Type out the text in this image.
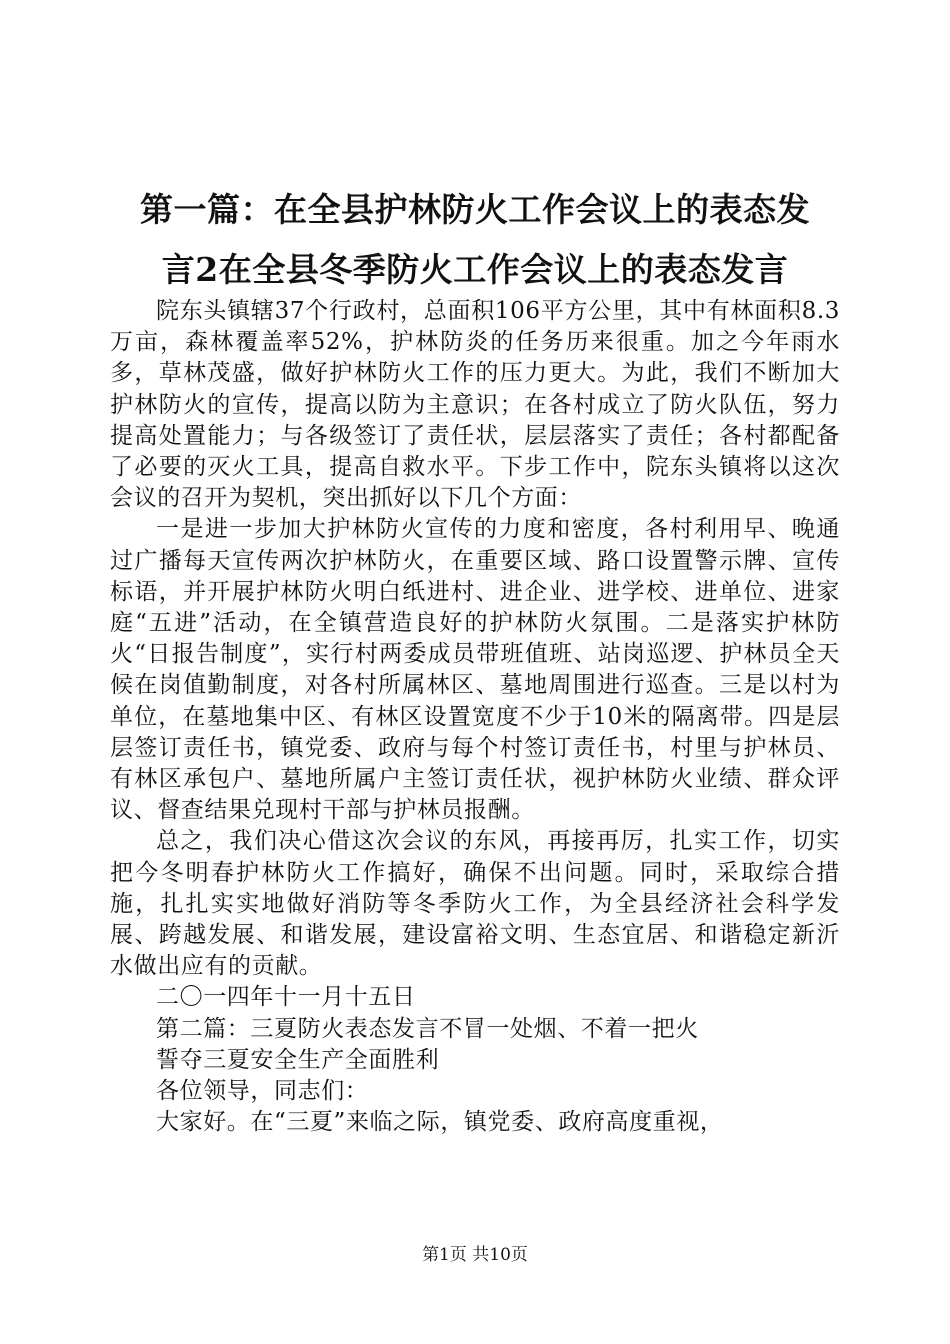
第一篇：在全县护林防火工作会议上的表态发
言2在全县冬季防火工作会议上的表态发言

院东头镇辖37个行政村，总面积106平方公里，其中有林面积8.3万亩，森林覆盖率52%，护林防炎的任务历来很重。加之今年雨水多，草林茂盛，做好护林防火工作的压力更大。为此，我们不断加大护林防火的宣传，提高以防为主意识；在各村成立了防火队伍，努力提高处置能力；与各级签订了责任状，层层落实了责任；各村都配备了必要的灭火工具，提高自救水平。下步工作中，院东头镇将以这次会议的召开为契机，突出抓好以下几个方面：

一是进一步加大护林防火宣传的力度和密度，各村利用早、晚通过广播每天宣传两次护林防火，在重要区域、路口设置警示牌、宣传标语，并开展护林防火明白纸进村、进企业、进学校、进单位、进家庭“五进”活动，在全镇营造良好的护林防火氛围。二是落实护林防火“日报告制度”，实行村两委成员带班值班、站岗巡逻、护林员全天候在岗值勤制度，对各村所属林区、墓地周围进行巡查。三是以村为单位，在墓地集中区、有林区设置宽度不少于10米的隔离带。四是层层签订责任书，镇党委、政府与每个村签订责任书，村里与护林员、有林区承包户、墓地所属户主签订责任状，视护林防火业绩、群众评议、督查结果兑现村干部与护林员报酬。

总之，我们决心借这次会议的东风，再接再厉，扎实工作，切实把今冬明春护林防火工作搞好，确保不出问题。同时，采取综合措施，扎扎实实地做好消防等冬季防火工作，为全县经济社会科学发展、跨越发展、和谐发展，建设富裕文明、生态宜居、和谐稳定新沂水做出应有的贡献。

二〇一四年十一月十五日

第二篇：三夏防火表态发言不冒一处烟、不着一把火

誓夺三夏安全生产全面胜利

各位领导，同志们：

大家好。在“三夏”来临之际，镇党委、政府高度重视，

第1页 共10页
